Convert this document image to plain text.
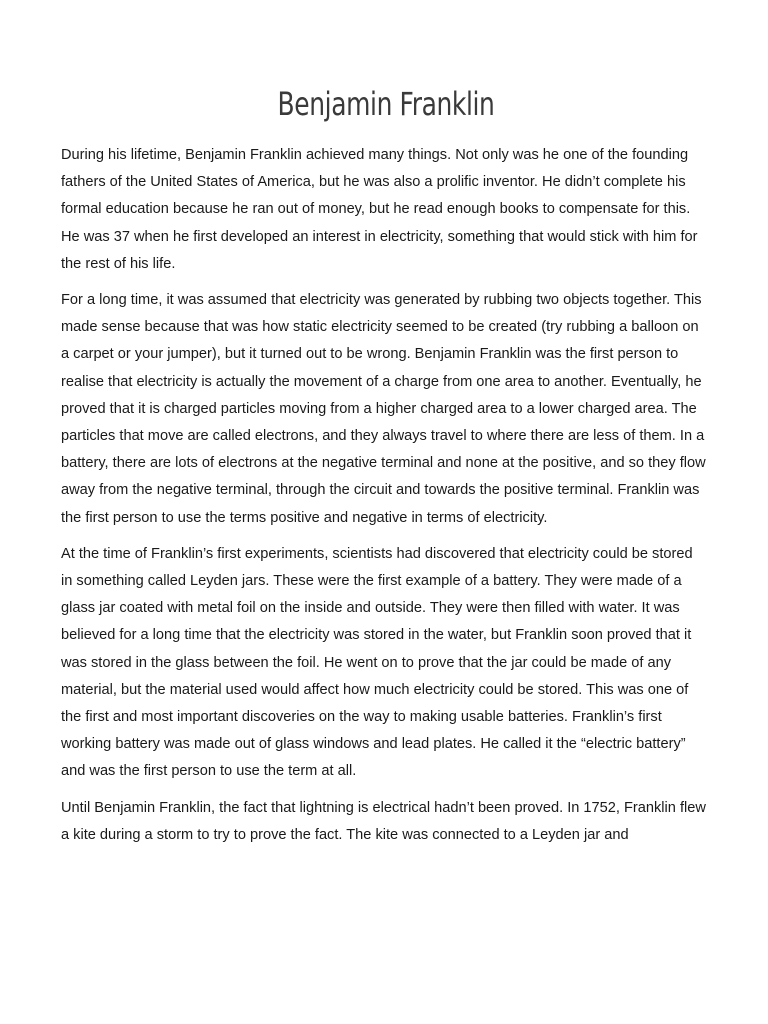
Benjamin Franklin

During his lifetime, Benjamin Franklin achieved many things. Not only was he one of the founding fathers of the United States of America, but he was also a prolific inventor. He didn’t complete his formal education because he ran out of money, but he read enough books to compensate for this. He was 37 when he first developed an interest in electricity, something that would stick with him for the rest of his life.

For a long time, it was assumed that electricity was generated by rubbing two objects together. This made sense because that was how static electricity seemed to be created (try rubbing a balloon on a carpet or your jumper), but it turned out to be wrong. Benjamin Franklin was the first person to realise that electricity is actually the movement of a charge from one area to another. Eventually, he proved that it is charged particles moving from a higher charged area to a lower charged area. The particles that move are called electrons, and they always travel to where there are less of them. In a battery, there are lots of electrons at the negative terminal and none at the positive, and so they flow away from the negative terminal, through the circuit and towards the positive terminal. Franklin was the first person to use the terms positive and negative in terms of electricity.

At the time of Franklin’s first experiments, scientists had discovered that electricity could be stored in something called Leyden jars. These were the first example of a battery. They were made of a glass jar coated with metal foil on the inside and outside. They were then filled with water. It was believed for a long time that the electricity was stored in the water, but Franklin soon proved that it was stored in the glass between the foil. He went on to prove that the jar could be made of any material, but the material used would affect how much electricity could be stored. This was one of the first and most important discoveries on the way to making usable batteries. Franklin’s first working battery was made out of glass windows and lead plates. He called it the “electric battery” and was the first person to use the term at all.

Until Benjamin Franklin, the fact that lightning is electrical hadn’t been proved. In 1752, Franklin flew a kite during a storm to try to prove the fact. The kite was connected to a Leyden jar and
